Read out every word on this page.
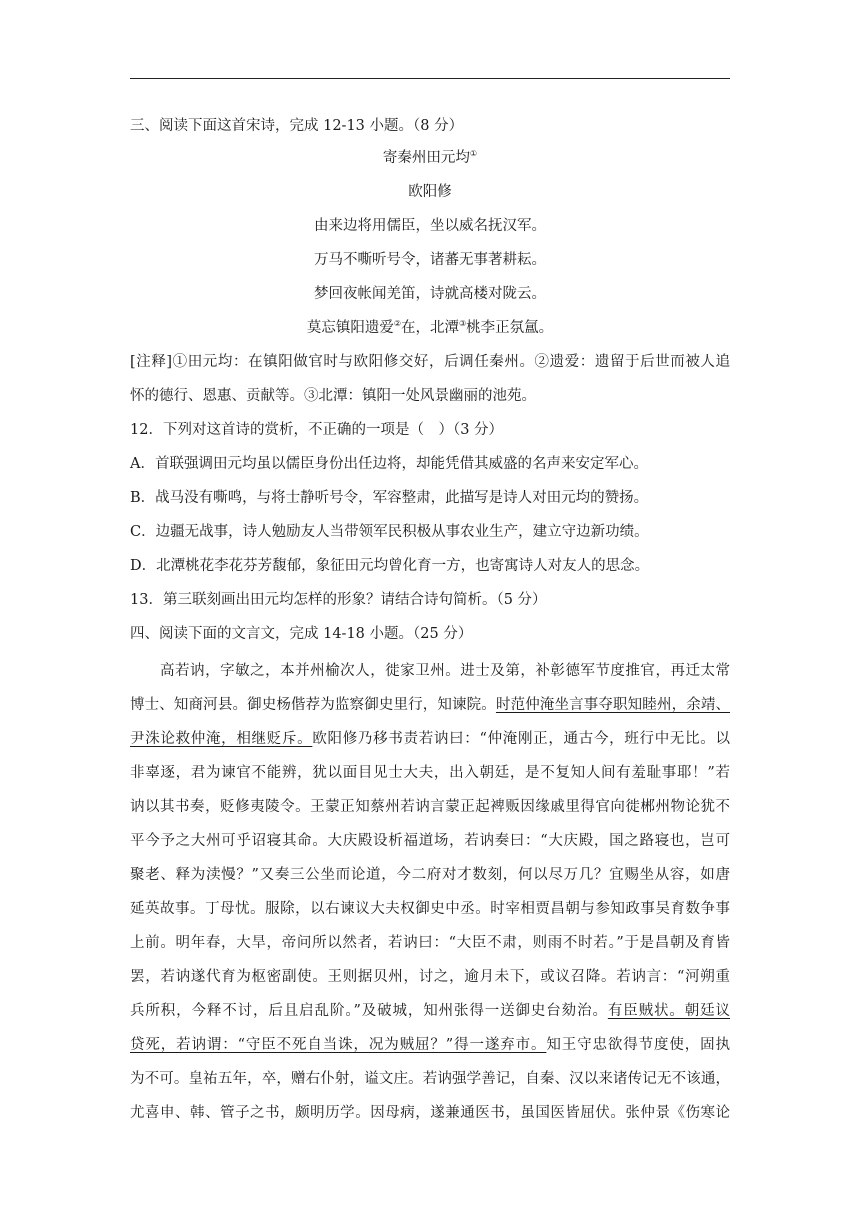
三、阅读下面这首宋诗，完成 12-13 小题。（8 分）
寄秦州田元均①
欧阳修
由来边将用儒臣，坐以威名抚汉军。
万马不嘶听号令，诸蕃无事著耕耘。
梦回夜帐闻羌笛，诗就高楼对陇云。
莫忘镇阳遗爱②在，北潭③桃李正氛氲。
[注释]①田元均：在镇阳做官时与欧阳修交好，后调任秦州。②遗爱：遗留于后世而被人追
怀的德行、恩惠、贡献等。③北潭：镇阳一处风景幽丽的池苑。
12．下列对这首诗的赏析，不正确的一项是（　）（3 分）
A．首联强调田元均虽以儒臣身份出任边将，却能凭借其威盛的名声来安定军心。
B．战马没有嘶鸣，与将士静听号令，军容整肃，此描写是诗人对田元均的赞扬。
C．边疆无战事，诗人勉励友人当带领军民积极从事农业生产，建立守边新功绩。
D．北潭桃花李花芬芳馥郁，象征田元均曾化育一方，也寄寓诗人对友人的思念。
13．第三联刻画出田元均怎样的形象？请结合诗句简析。（5 分）
四、阅读下面的文言文，完成 14-18 小题。（25 分）
　　高若讷，字敏之，本并州榆次人，徙家卫州。进士及第，补彰德军节度推官，再迁太常
博士、知商河县。御史杨偕荐为监察御史里行，知谏院。时范仲淹坐言事夺职知睦州，余靖、
尹洙论救仲淹，相继贬斥。欧阳修乃移书责若讷曰：“仲淹刚正，通古今，班行中无比。以
非辜逐，君为谏官不能辨，犹以面目见士大夫，出入朝廷，是不复知人间有羞耻事耶！”若
讷以其书奏，贬修夷陵令。王蒙正知蔡州若讷言蒙正起裨贩因缘戚里得官向徙郴州物论犹不
平今予之大州可乎诏寝其命。大庆殿设析福道场，若讷奏曰：“大庆殿，国之路寝也，岂可
聚老、释为渎慢？”又奏三公坐而论道，今二府对才数刻，何以尽万几？宜赐坐从容，如唐
延英故事。丁母忧。服除，以右谏议大夫权御史中丞。时宰相贾昌朝与参知政事吴育数争事
上前。明年春，大旱，帝问所以然者，若讷曰：“大臣不肃，则雨不时若。”于是昌朝及育皆
罢，若讷遂代育为枢密副使。王则据贝州，讨之，逾月未下，或议召降。若讷言：“河朔重
兵所积，今释不讨，后且启乱阶。”及破城，知州张得一送御史台劾治。有臣贼状。朝廷议
贷死，若讷谓：“守臣不死自当诛，况为贼屈？”得一遂弃市。知王守忠欲得节度使，固执
为不可。皇祐五年，卒，赠右仆射，谥文庄。若讷强学善记，自秦、汉以来诸传记无不该通，
尤喜申、韩、管子之书，颇明历学。因母病，遂兼通医书，虽国医皆屈伏。张仲景《伤寒论
